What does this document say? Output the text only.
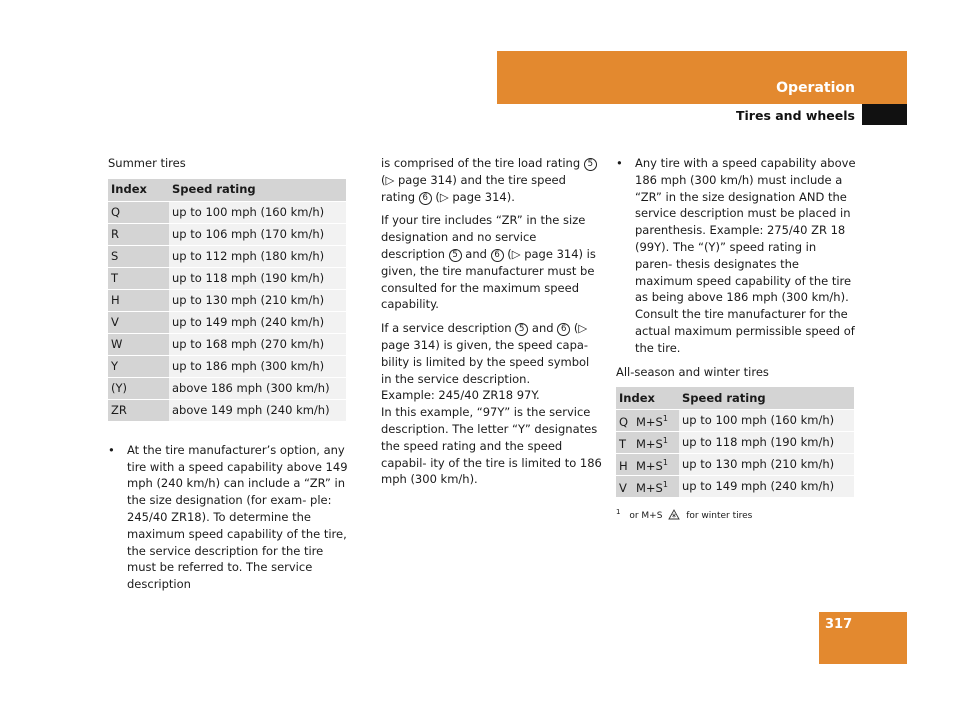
Operation
Tires and wheels

Summer tires

Index	Speed rating
Q	up to 100 mph (160 km/h)
R	up to 106 mph (170 km/h)
S	up to 112 mph (180 km/h)
T	up to 118 mph (190 km/h)
H	up to 130 mph (210 km/h)
V	up to 149 mph (240 km/h)
W	up to 168 mph (270 km/h)
Y	up to 186 mph (300 km/h)
(Y)	above 186 mph (300 km/h)
ZR	above 149 mph (240 km/h)

• At the tire manufacturer’s option, any tire with a speed capability above 149 mph (240 km/h) can include a “ZR” in the size designation (for exam- ple: 245/40 ZR18). To determine the maximum speed capability of the tire, the service description for the tire must be referred to. The service description

is comprised of the tire load rating 5 (▷ page 314) and the tire speed rating 6 (▷ page 314).

If your tire includes “ZR” in the size designation and no service description 5 and 6 (▷ page 314) is given, the tire manufacturer must be consulted for the maximum speed capability.

If a service description 5 and 6 (▷ page 314) is given, the speed capa- bility is limited by the speed symbol in the service description.
Example: 245/40 ZR18 97Y.
In this example, “97Y” is the service description. The letter “Y” designates the speed rating and the speed capabil- ity of the tire is limited to 186 mph (300 km/h).

• Any tire with a speed capability above 186 mph (300 km/h) must include a “ZR” in the size designation AND the service description must be placed in parenthesis. Example: 275/40 ZR 18 (99Y). The “(Y)” speed rating in paren- thesis designates the maximum speed capability of the tire as being above 186 mph (300 km/h). Consult the tire manufacturer for the actual maximum permissible speed of the tire.

All-season and winter tires

Index	Speed rating
Q $M+S^1$	up to 100 mph (160 km/h)
T $M+S^1$	up to 118 mph (190 km/h)
H $M+S^1$	up to 130 mph (210 km/h)
V $M+S^1$	up to 149 mph (240 km/h)
$^1$ or M+S	for winter tires
317
